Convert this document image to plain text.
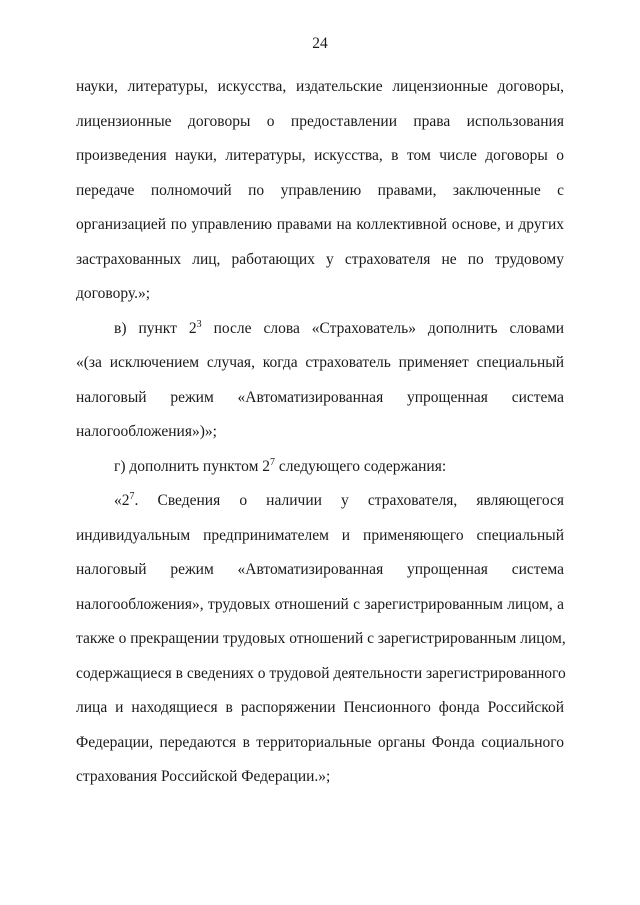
24
науки, литературы, искусства, издательские лицензионные договоры,
лицензионные договоры о предоставлении права использования
произведения науки, литературы, искусства, в том числе договоры о
передаче полномочий по управлению правами, заключенные с
организацией по управлению правами на коллективной основе, и других
застрахованных лиц, работающих у страхователя не по трудовому
договору.»;
в) пункт $2^3$ после слова «Страхователь» дополнить словами
«(за исключением случая, когда страхователь применяет специальный
налоговый режим «Автоматизированная упрощенная система
налогообложения»)»;
г) дополнить пунктом $2^7$ следующего содержания:
«$2^7$. Сведения о наличии у страхователя, являющегося
индивидуальным предпринимателем и применяющего специальный
налоговый режим «Автоматизированная упрощенная система
налогообложения», трудовых отношений с зарегистрированным лицом, а
также о прекращении трудовых отношений с зарегистрированным лицом,
содержащиеся в сведениях о трудовой деятельности зарегистрированного
лица и находящиеся в распоряжении Пенсионного фонда Российской
Федерации, передаются в территориальные органы Фонда социального
страхования Российской Федерации.»;
